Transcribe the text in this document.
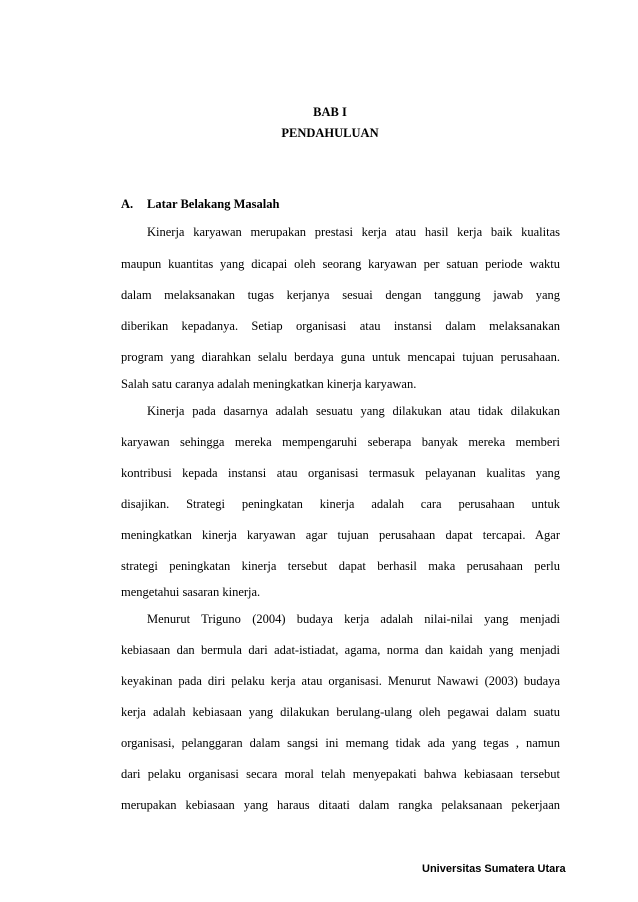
BAB I
PENDAHULUAN
A. Latar Belakang Masalah
Kinerja karyawan merupakan prestasi kerja atau hasil kerja baik kualitas
maupun kuantitas yang dicapai oleh seorang karyawan per satuan periode waktu
dalam melaksanakan tugas kerjanya sesuai dengan tanggung jawab yang
diberikan kepadanya. Setiap organisasi atau instansi dalam melaksanakan
program yang diarahkan selalu berdaya guna untuk mencapai tujuan perusahaan.
Salah satu caranya adalah meningkatkan kinerja karyawan.
Kinerja pada dasarnya adalah sesuatu yang dilakukan atau tidak dilakukan
karyawan sehingga mereka mempengaruhi seberapa banyak mereka memberi
kontribusi kepada instansi atau organisasi termasuk pelayanan kualitas yang
disajikan. Strategi peningkatan kinerja adalah cara perusahaan untuk
meningkatkan kinerja karyawan agar tujuan perusahaan dapat tercapai. Agar
strategi peningkatan kinerja tersebut dapat berhasil maka perusahaan perlu
mengetahui sasaran kinerja.
Menurut Triguno (2004) budaya kerja adalah nilai-nilai yang menjadi
kebiasaan dan bermula dari adat-istiadat, agama, norma dan kaidah yang menjadi
keyakinan pada diri pelaku kerja atau organisasi. Menurut Nawawi (2003) budaya
kerja adalah kebiasaan yang dilakukan berulang-ulang oleh pegawai dalam suatu
organisasi, pelanggaran dalam sangsi ini memang tidak ada yang tegas , namun
dari pelaku organisasi secara moral telah menyepakati bahwa kebiasaan tersebut
merupakan kebiasaan yang haraus ditaati dalam rangka pelaksanaan pekerjaan
Universitas Sumatera Utara
